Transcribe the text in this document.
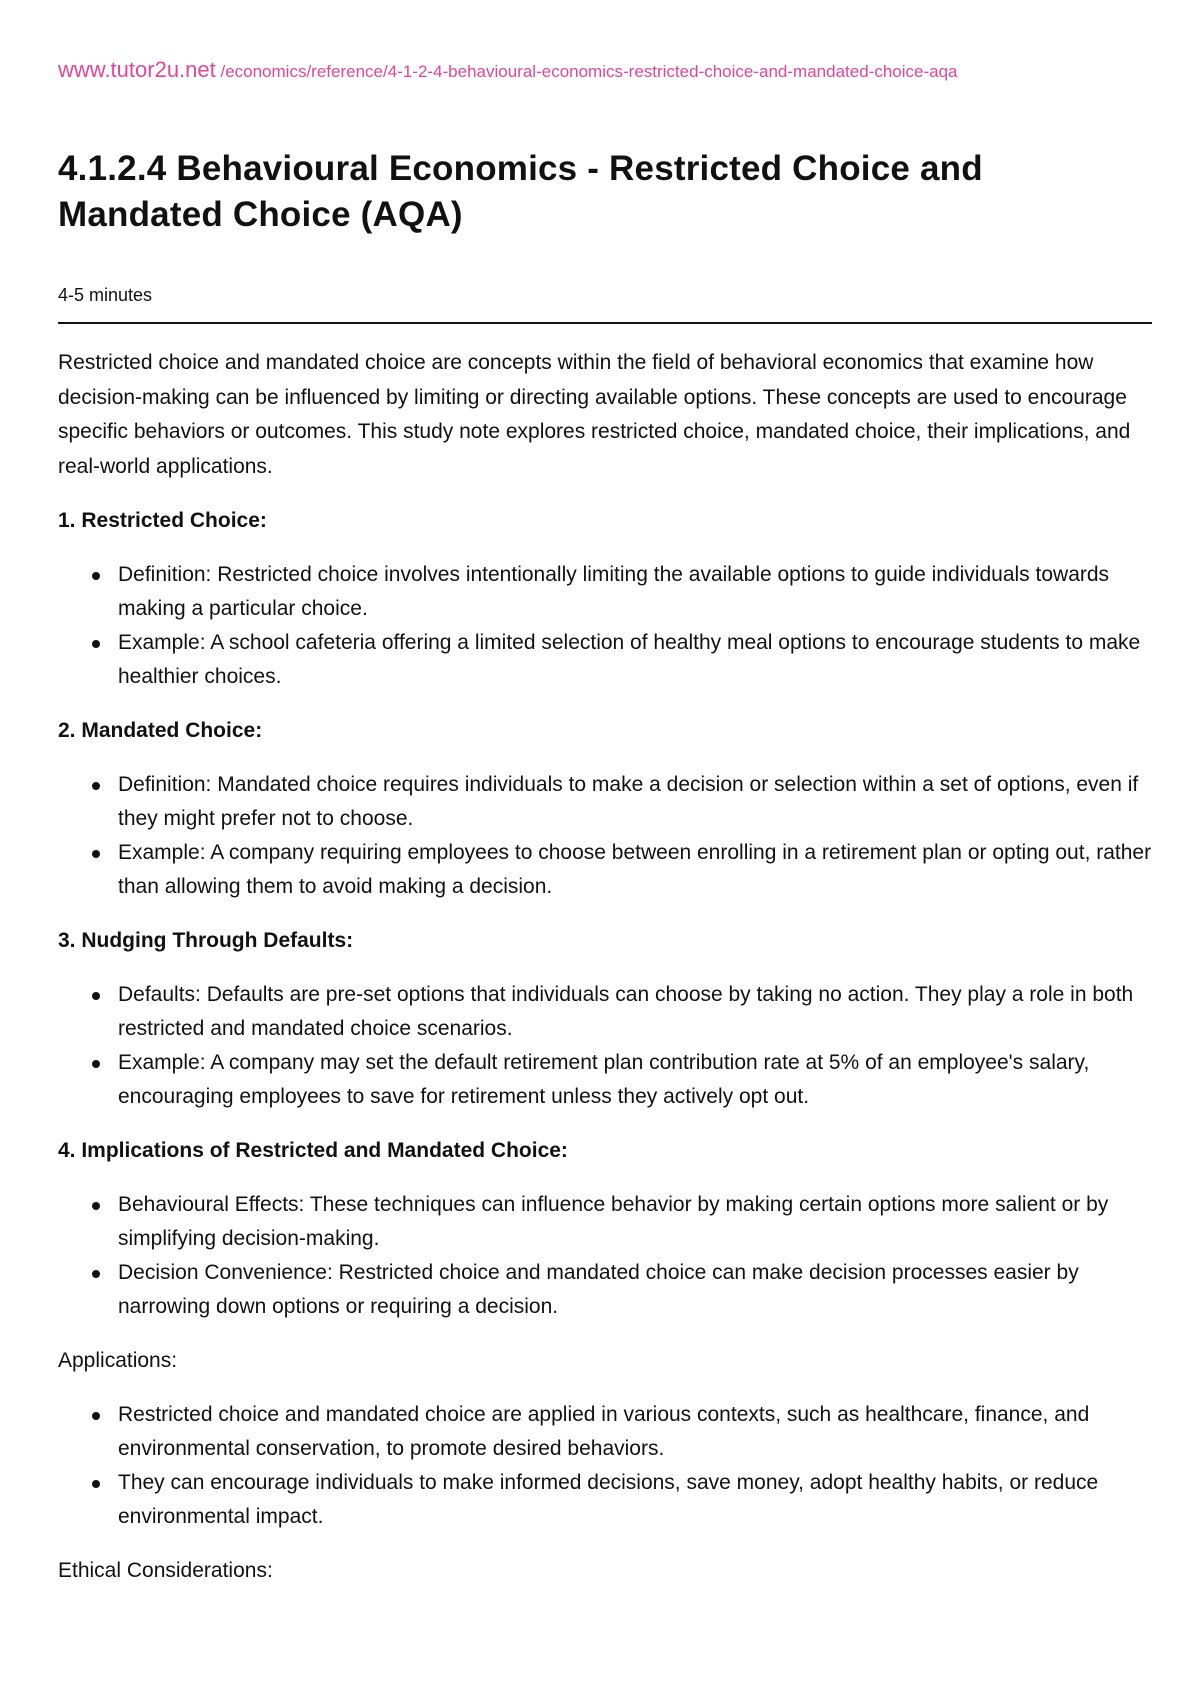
www.tutor2u.net /economics/reference/4-1-2-4-behavioural-economics-restricted-choice-and-mandated-choice-aqa
4.1.2.4 Behavioural Economics - Restricted Choice and Mandated Choice (AQA)
4-5 minutes

Restricted choice and mandated choice are concepts within the field of behavioral economics that examine how decision-making can be influenced by limiting or directing available options. These concepts are used to encourage specific behaviors or outcomes. This study note explores restricted choice, mandated choice, their implications, and real-world applications.

1. Restricted Choice:
Definition: Restricted choice involves intentionally limiting the available options to guide individuals towards making a particular choice.
Example: A school cafeteria offering a limited selection of healthy meal options to encourage students to make healthier choices.
2. Mandated Choice:
Definition: Mandated choice requires individuals to make a decision or selection within a set of options, even if they might prefer not to choose.
Example: A company requiring employees to choose between enrolling in a retirement plan or opting out, rather than allowing them to avoid making a decision.
3. Nudging Through Defaults:
Defaults: Defaults are pre-set options that individuals can choose by taking no action. They play a role in both restricted and mandated choice scenarios.
Example: A company may set the default retirement plan contribution rate at 5% of an employee's salary, encouraging employees to save for retirement unless they actively opt out.
4. Implications of Restricted and Mandated Choice:
Behavioural Effects: These techniques can influence behavior by making certain options more salient or by simplifying decision-making.
Decision Convenience: Restricted choice and mandated choice can make decision processes easier by narrowing down options or requiring a decision.
Applications:
Restricted choice and mandated choice are applied in various contexts, such as healthcare, finance, and environmental conservation, to promote desired behaviors.
They can encourage individuals to make informed decisions, save money, adopt healthy habits, or reduce environmental impact.
Ethical Considerations:
